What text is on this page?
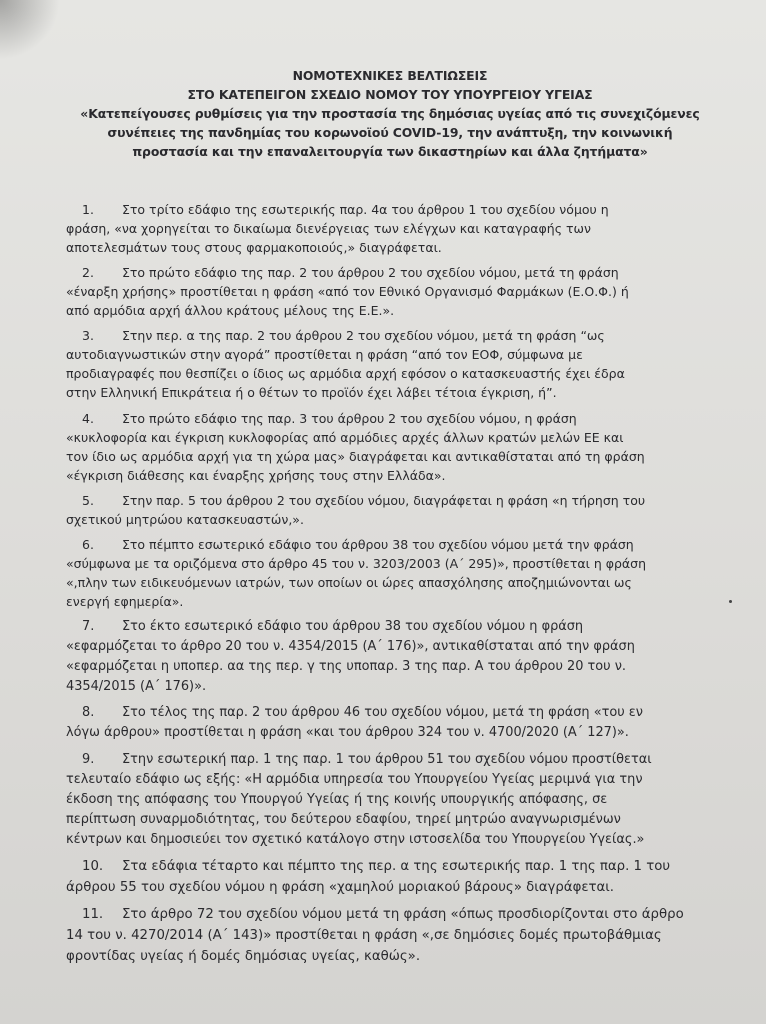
ΝΟΜΟΤΕΧΝΙΚΕΣ ΒΕΛΤΙΩΣΕΙΣ
ΣΤΟ ΚΑΤΕΠΕΙΓΟΝ ΣΧΕΔΙΟ ΝΟΜΟΥ ΤΟΥ ΥΠΟΥΡΓΕΙΟΥ ΥΓΕΙΑΣ
«Κατεπείγουσες ρυθμίσεις για την προστασία της δημόσιας υγείας από τις συνεχιζόμενες
συνέπειες της πανδημίας του κορωνοϊού COVID-19, την ανάπτυξη, την κοινωνική
προστασία και την επαναλειτουργία των δικαστηρίων και άλλα ζητήματα»
1. Στο τρίτο εδάφιο της εσωτερικής παρ. 4α του άρθρου 1 του σχεδίου νόμου η
φράση, «να χορηγείται το δικαίωμα διενέργειας των ελέγχων και καταγραφής των
αποτελεσμάτων τους στους φαρμακοποιούς,» διαγράφεται.
2. Στο πρώτο εδάφιο της παρ. 2 του άρθρου 2 του σχεδίου νόμου, μετά τη φράση
«έναρξη χρήσης» προστίθεται η φράση «από τον Εθνικό Οργανισμό Φαρμάκων (Ε.Ο.Φ.) ή
από αρμόδια αρχή άλλου κράτους μέλους της Ε.Ε.».
3. Στην περ. α της παρ. 2 του άρθρου 2 του σχεδίου νόμου, μετά τη φράση “ως
αυτοδιαγνωστικών στην αγορά” προστίθεται η φράση “από τον ΕΟΦ, σύμφωνα με
προδιαγραφές που θεσπίζει ο ίδιος ως αρμόδια αρχή εφόσον ο κατασκευαστής έχει έδρα
στην Ελληνική Επικράτεια ή ο θέτων το προϊόν έχει λάβει τέτοια έγκριση, ή”.
4. Στο πρώτο εδάφιο της παρ. 3 του άρθρου 2 του σχεδίου νόμου, η φράση
«κυκλοφορία και έγκριση κυκλοφορίας από αρμόδιες αρχές άλλων κρατών μελών ΕΕ και
τον ίδιο ως αρμόδια αρχή για τη χώρα μας» διαγράφεται και αντικαθίσταται από τη φράση
«έγκριση διάθεσης και έναρξης χρήσης τους στην Ελλάδα».
5. Στην παρ. 5 του άρθρου 2 του σχεδίου νόμου, διαγράφεται η φράση «η τήρηση του
σχετικού μητρώου κατασκευαστών,».
6. Στο πέμπτο εσωτερικό εδάφιο του άρθρου 38 του σχεδίου νόμου μετά την φράση
«σύμφωνα με τα οριζόμενα στο άρθρο 45 του ν. 3203/2003 (Α΄ 295)», προστίθεται η φράση
«,πλην των ειδικευόμενων ιατρών, των οποίων οι ώρες απασχόλησης αποζημιώνονται ως
ενεργή εφημερία».
7. Στο έκτο εσωτερικό εδάφιο του άρθρου 38 του σχεδίου νόμου η φράση
«εφαρμόζεται το άρθρο 20 του ν. 4354/2015 (Α΄ 176)», αντικαθίσταται από την φράση
«εφαρμόζεται η υποπερ. αα της περ. γ της υποπαρ. 3 της παρ. Α του άρθρου 20 του ν.
4354/2015 (Α΄ 176)».
8. Στο τέλος της παρ. 2 του άρθρου 46 του σχεδίου νόμου, μετά τη φράση «του εν
λόγω άρθρου» προστίθεται η φράση «και του άρθρου 324 του ν. 4700/2020 (Α΄ 127)».
9. Στην εσωτερική παρ. 1 της παρ. 1 του άρθρου 51 του σχεδίου νόμου προστίθεται
τελευταίο εδάφιο ως εξής: «Η αρμόδια υπηρεσία του Υπουργείου Υγείας μεριμνά για την
έκδοση της απόφασης του Υπουργού Υγείας ή της κοινής υπουργικής απόφασης, σε
περίπτωση συναρμοδιότητας, του δεύτερου εδαφίου, τηρεί μητρώο αναγνωρισμένων
κέντρων και δημοσιεύει τον σχετικό κατάλογο στην ιστοσελίδα του Υπουργείου Υγείας.»
10. Στα εδάφια τέταρτο και πέμπτο της περ. α της εσωτερικής παρ. 1 της παρ. 1 του
άρθρου 55 του σχεδίου νόμου η φράση «χαμηλού μοριακού βάρους» διαγράφεται.
11. Στο άρθρο 72 του σχεδίου νόμου μετά τη φράση «όπως προσδιορίζονται στο άρθρο
14 του ν. 4270/2014 (Α΄ 143)» προστίθεται η φράση «,σε δημόσιες δομές πρωτοβάθμιας
φροντίδας υγείας ή δομές δημόσιας υγείας, καθώς».
